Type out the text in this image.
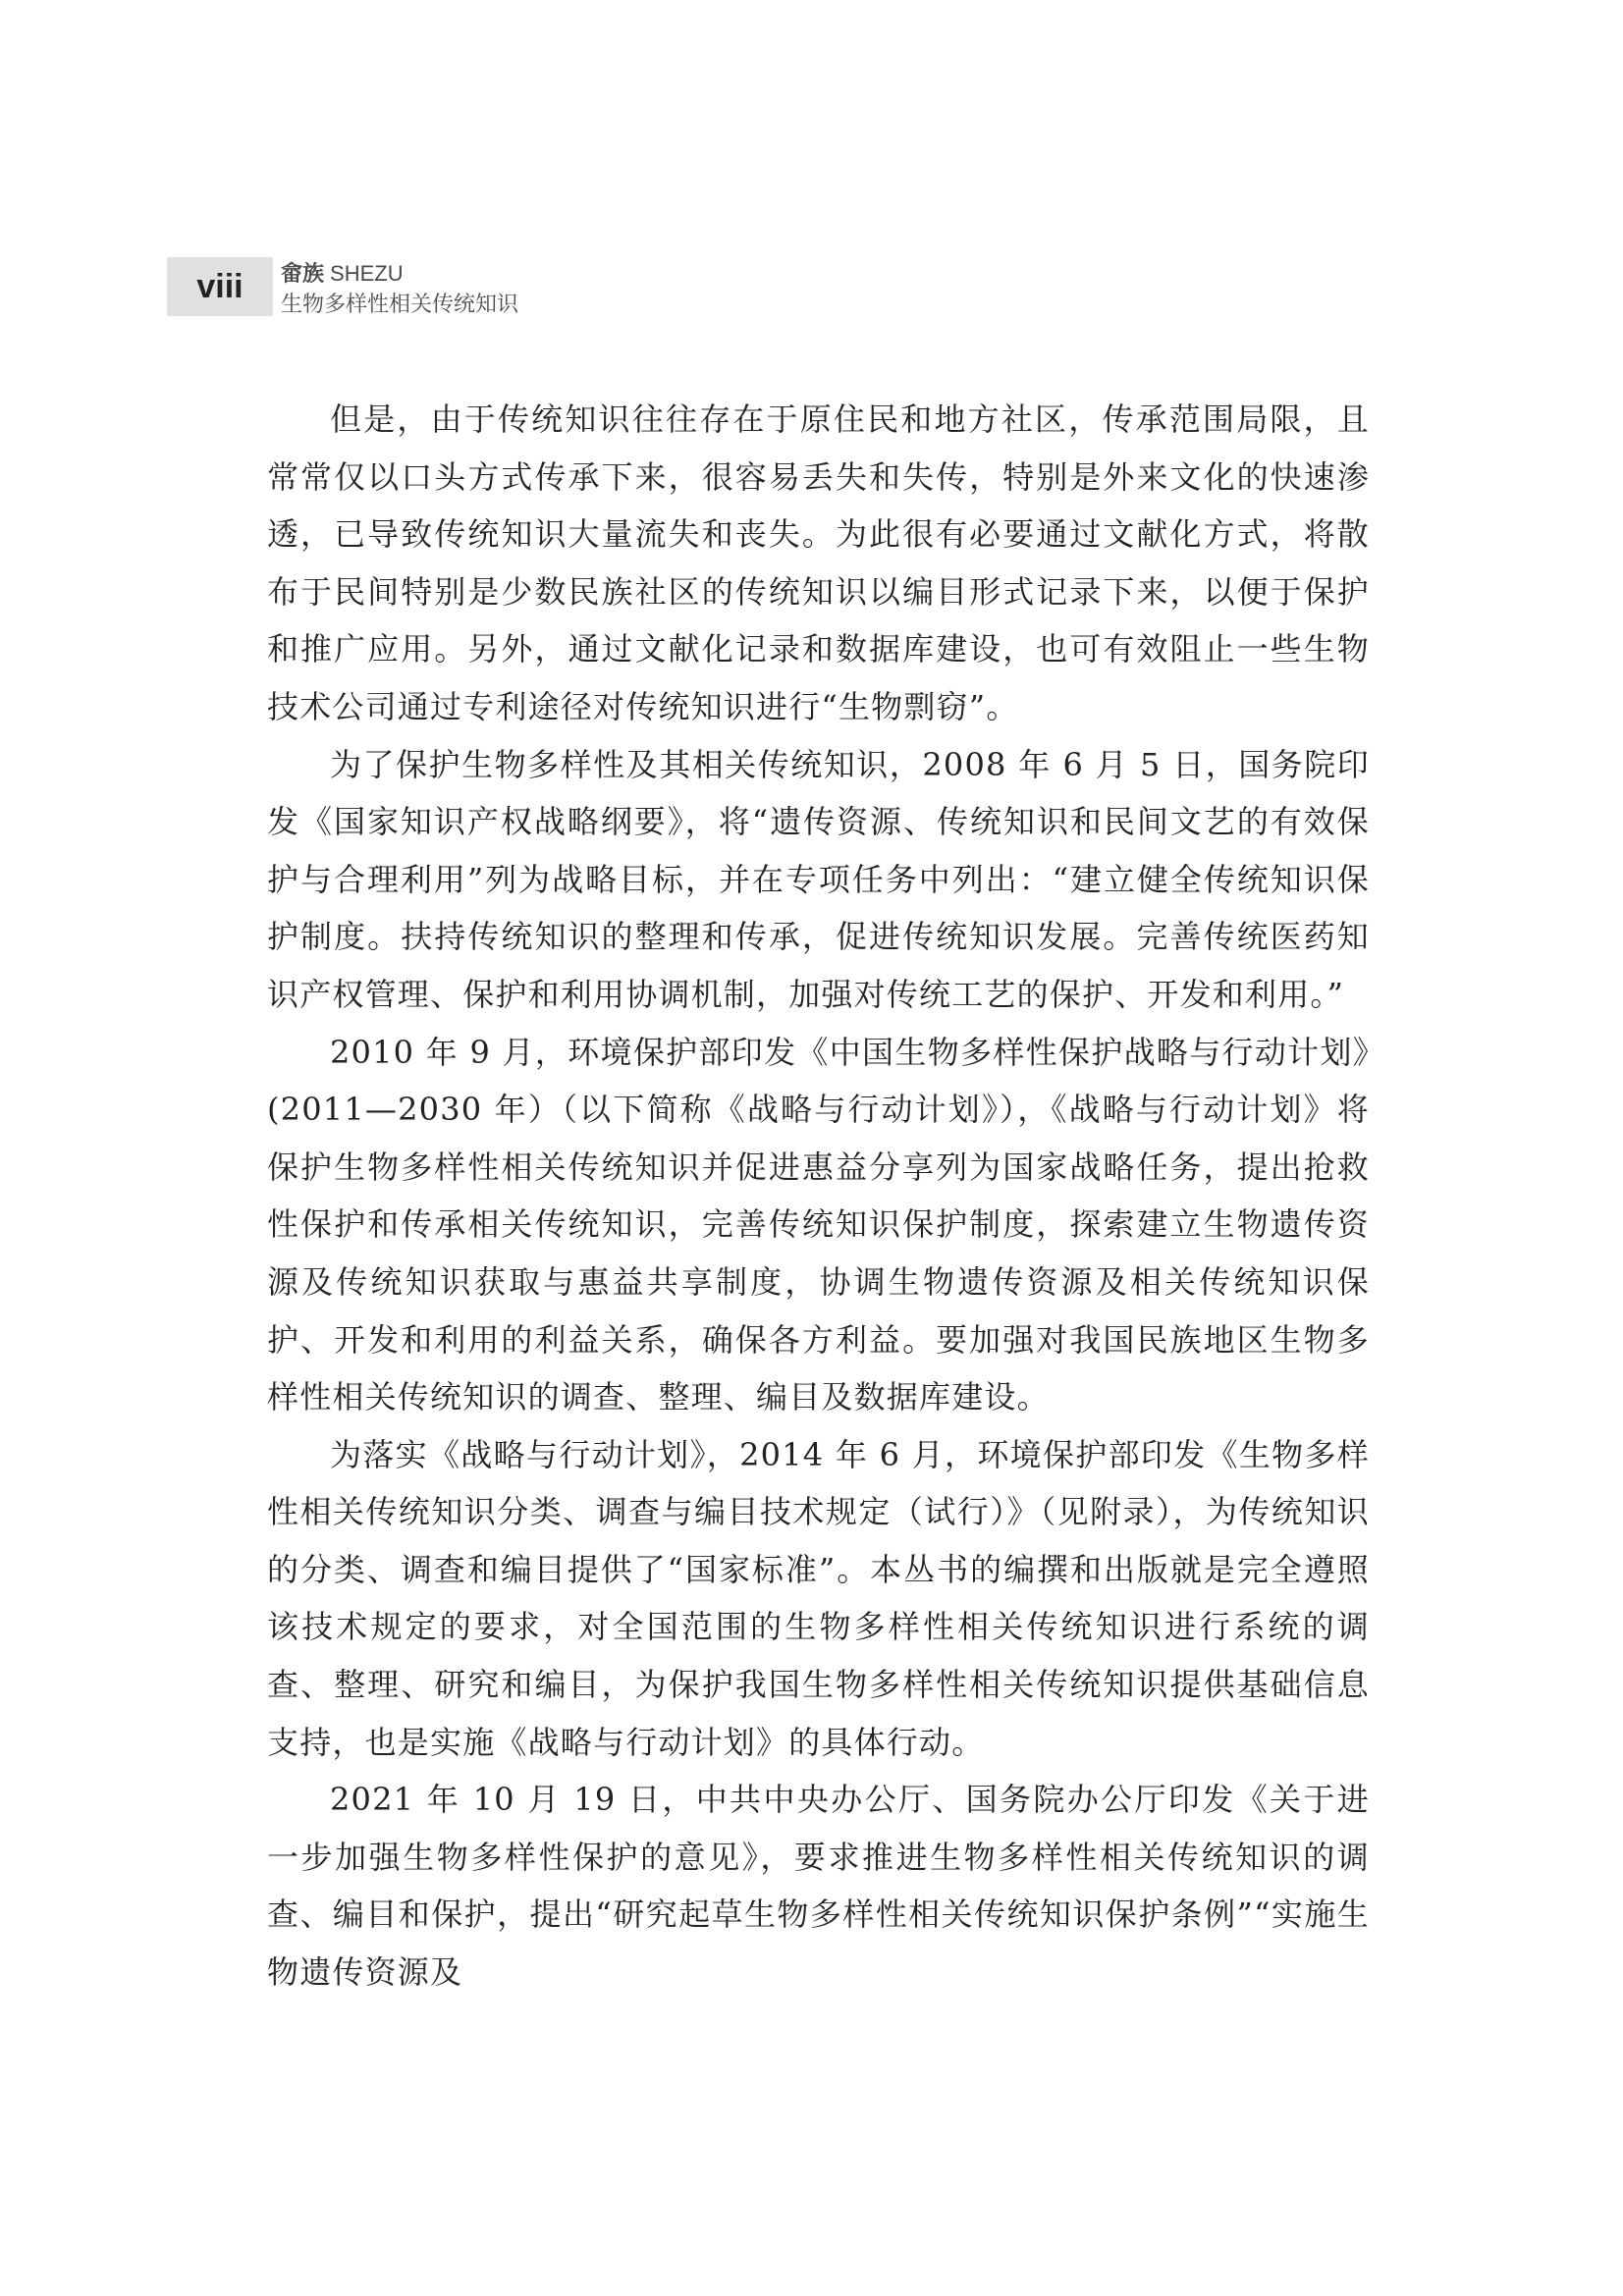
viii	畲族 SHEZU
生物多样性相关传统知识

但是，由于传统知识往往存在于原住民和地方社区，传承范围局限，且常常仅以口头方式传承下来，很容易丢失和失传，特别是外来文化的快速渗透，已导致传统知识大量流失和丧失。为此很有必要通过文献化方式，将散布于民间特别是少数民族社区的传统知识以编目形式记录下来，以便于保护和推广应用。另外，通过文献化记录和数据库建设，也可有效阻止一些生物技术公司通过专利途径对传统知识进行“生物剽窃”。

为了保护生物多样性及其相关传统知识，2008 年 6 月 5 日，国务院印发《国家知识产权战略纲要》，将“遗传资源、传统知识和民间文艺的有效保护与合理利用”列为战略目标，并在专项任务中列出：“建立健全传统知识保护制度。扶持传统知识的整理和传承，促进传统知识发展。完善传统医药知识产权管理、保护和利用协调机制，加强对传统工艺的保护、开发和利用。”

2010 年 9 月，环境保护部印发《中国生物多样性保护战略与行动计划》(2011—2030 年）（以下简称《战略与行动计划》），《战略与行动计划》将保护生物多样性相关传统知识并促进惠益分享列为国家战略任务，提出抢救性保护和传承相关传统知识，完善传统知识保护制度，探索建立生物遗传资源及传统知识获取与惠益共享制度，协调生物遗传资源及相关传统知识保护、开发和利用的利益关系，确保各方利益。要加强对我国民族地区生物多样性相关传统知识的调查、整理、编目及数据库建设。

为落实《战略与行动计划》，2014 年 6 月，环境保护部印发《生物多样性相关传统知识分类、调查与编目技术规定（试行）》（见附录），为传统知识的分类、调查和编目提供了“国家标准”。本丛书的编撰和出版就是完全遵照该技术规定的要求，对全国范围的生物多样性相关传统知识进行系统的调查、整理、研究和编目，为保护我国生物多样性相关传统知识提供基础信息支持，也是实施《战略与行动计划》的具体行动。

2021 年 10 月 19 日，中共中央办公厅、国务院办公厅印发《关于进一步加强生物多样性保护的意见》，要求推进生物多样性相关传统知识的调查、编目和保护，提出“研究起草生物多样性相关传统知识保护条例”“实施生物遗传资源及
